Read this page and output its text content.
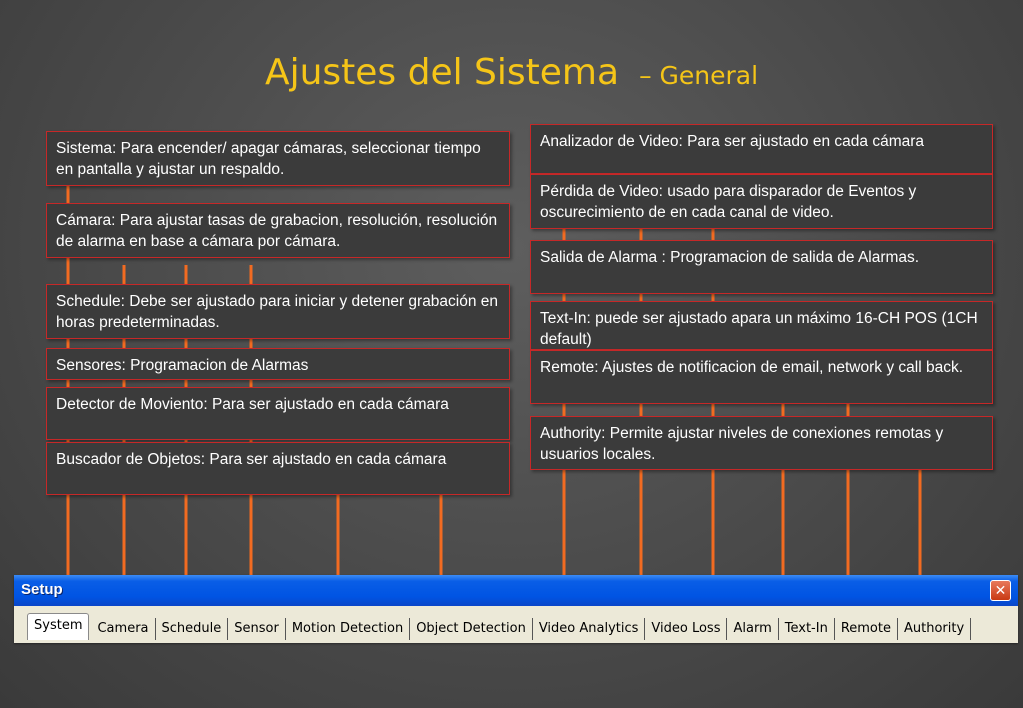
Ajustes del Sistema – General
Sistema: Para encender/ apagar cámaras, seleccionar tiempo en pantalla y ajustar un respaldo.
Cámara: Para ajustar tasas de grabacion, resolución, resolución de alarma en base a cámara por cámara.
Schedule: Debe ser ajustado para iniciar y detener grabación en horas predeterminadas.
Sensores: Programacion de Alarmas
Detector de Moviento: Para ser ajustado en cada cámara
Buscador de Objetos: Para ser ajustado en cada cámara
Analizador de Video: Para ser ajustado en cada cámara
Pérdida de Video: usado para disparador de Eventos y oscurecimiento de en cada canal de video.
Salida de Alarma : Programacion de salida de Alarmas.
Text-In: puede ser ajustado apara un máximo 16-CH POS (1CH default)
Remote: Ajustes de notificacion de email, network y call back.
Authority: Permite ajustar niveles de conexiones remotas y usuarios locales.
Setup	✕
System	Camera	Schedule	Sensor	Motion Detection	Object Detection	Video Analytics	Video Loss	Alarm	Text-In	Remote	Authority
